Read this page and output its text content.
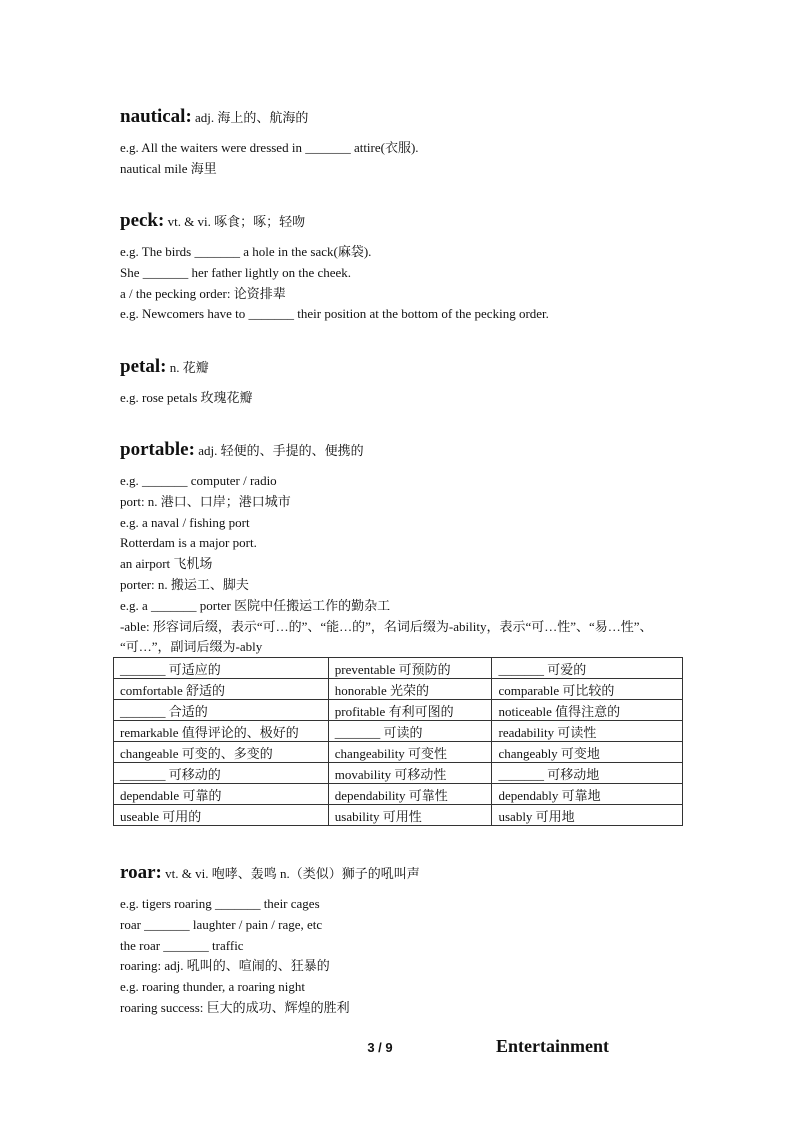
nautical: adj. 海上的、航海的
e.g. All the waiters were dressed in _______ attire(衣服).
nautical mile 海里
peck: vt. & vi. 啄食；啄；轻吻
e.g. The birds _______ a hole in the sack(麻袋).
She _______ her father lightly on the cheek.
a / the pecking order: 论资排辈
e.g. Newcomers have to _______ their position at the bottom of the pecking order.
petal: n. 花瓣
e.g. rose petals 玫瑰花瓣
portable: adj. 轻便的、手提的、便携的
e.g. _______ computer / radio
port: n. 港口、口岸；港口城市
e.g. a naval / fishing port
Rotterdam is a major port.
an airport 飞机场
porter: n. 搬运工、脚夫
e.g. a _______ porter 医院中任搬运工作的勤杂工
-able: 形容词后缀，表示“可…的”、“能…的”，名词后缀为-ability，表示“可…性”、“易…性”、
“可…”，副词后缀为-ably
_______ 可适应的	preventable 可预防的	_______ 可爱的
comfortable 舒适的	honorable 光荣的	comparable 可比较的
_______ 合适的	profitable 有利可图的	noticeable 值得注意的
remarkable 值得评论的、极好的	_______ 可读的	readability 可读性
changeable 可变的、多变的	changeability 可变性	changeably 可变地
_______ 可移动的	movability 可移动性	_______ 可移动地
dependable 可靠的	dependability 可靠性	dependably 可靠地
useable 可用的	usability 可用性	usably 可用地
roar: vt. & vi. 咆哮、轰鸣 n.（类似）狮子的吼叫声
e.g. tigers roaring _______ their cages
roar _______ laughter / pain / rage, etc
the roar _______ traffic
roaring: adj. 吼叫的、喧闹的、狂暴的
e.g. roaring thunder, a roaring night
roaring success: 巨大的成功、辉煌的胜利
3 / 9	Entertainment
